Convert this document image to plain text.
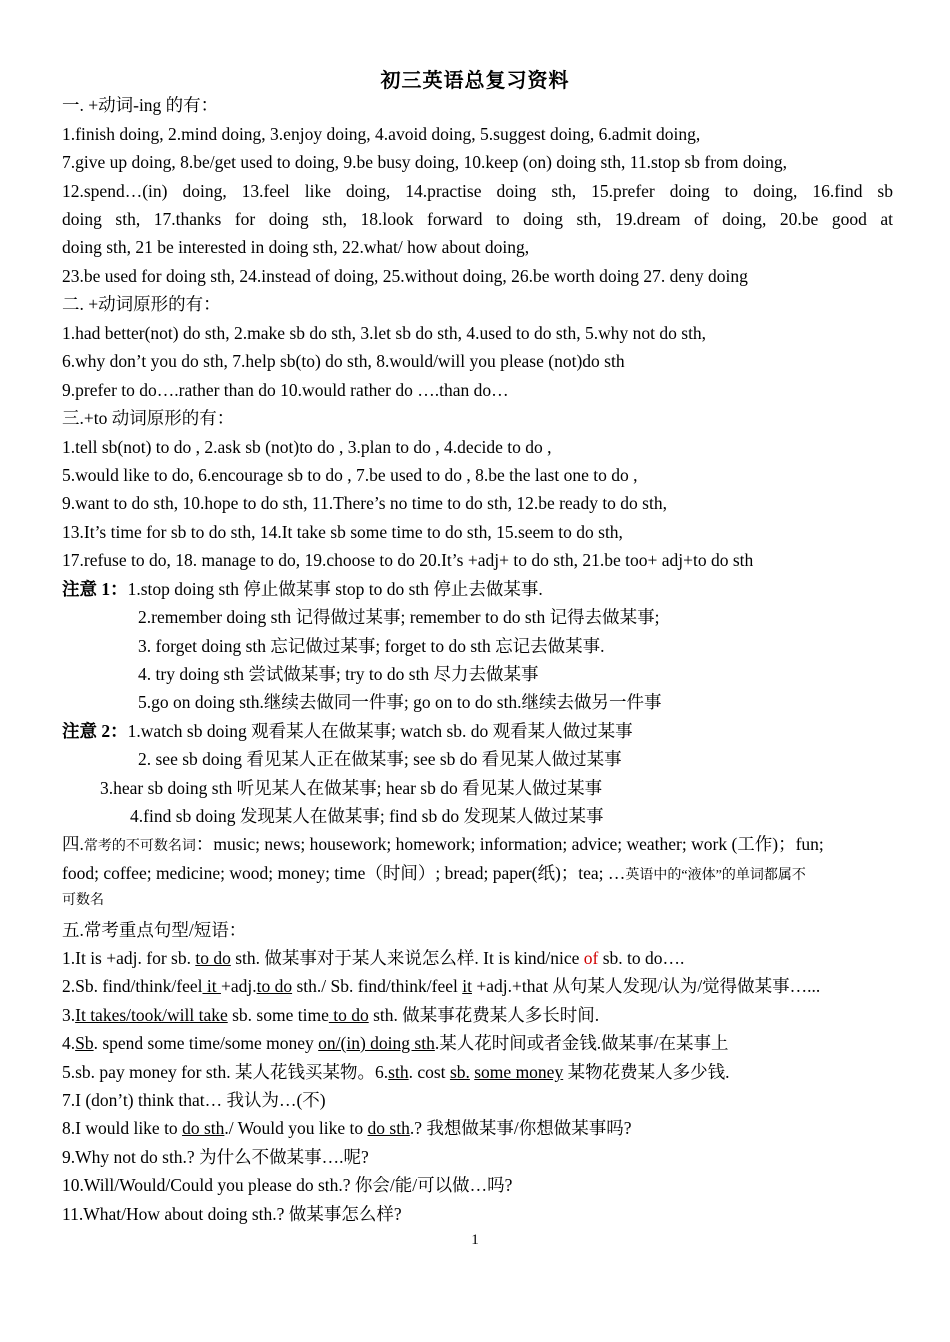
初三英语总复习资料
一. +动词-ing 的有：
1.finish doing, 2.mind doing, 3.enjoy doing, 4.avoid doing, 5.suggest doing, 6.admit doing,
7.give up doing, 8.be/get used to doing, 9.be busy doing, 10.keep (on) doing sth, 11.stop sb from doing,
12.spend…(in) doing, 13.feel like doing, 14.practise doing sth, 15.prefer doing to doing, 16.find sb
doing sth, 17.thanks for doing sth, 18.look forward to doing sth, 19.dream of doing, 20.be good at
doing sth, 21 be interested in doing sth, 22.what/ how about doing,
23.be used for doing sth, 24.instead of doing, 25.without doing, 26.be worth doing 27. deny doing
二. +动词原形的有：
1.had better(not) do sth, 2.make sb do sth, 3.let sb do sth, 4.used to do sth, 5.why not do sth,
6.why don’t you do sth, 7.help sb(to) do sth, 8.would/will you please (not)do sth
9.prefer to do….rather than do 10.would rather do ….than do…
三.+to 动词原形的有：
1.tell sb(not) to do , 2.ask sb (not)to do , 3.plan to do , 4.decide to do ,
5.would like to do, 6.encourage sb to do , 7.be used to do , 8.be the last one to do ,
9.want to do sth, 10.hope to do sth, 11.There’s no time to do sth, 12.be ready to do sth,
13.It’s time for sb to do sth, 14.It take sb some time to do sth, 15.seem to do sth,
17.refuse to do, 18. manage to do, 19.choose to do 20.It’s +adj+ to do sth, 21.be too+ adj+to do sth
注意 1：1.stop doing sth 停止做某事 stop to do sth 停止去做某事.
2.remember doing sth 记得做过某事; remember to do sth 记得去做某事;
3. forget doing sth 忘记做过某事; forget to do sth 忘记去做某事.
4. try doing sth 尝试做某事; try to do sth 尽力去做某事
5.go on doing sth.继续去做同一件事; go on to do sth.继续去做另一件事
注意 2：1.watch sb doing 观看某人在做某事; watch sb. do 观看某人做过某事
2. see sb doing 看见某人正在做某事; see sb do 看见某人做过某事
3.hear sb doing sth 听见某人在做某事; hear sb do 看见某人做过某事
4.find sb doing 发现某人在做某事; find sb do 发现某人做过某事
四.常考的不可数名词：music; news; housework; homework; information; advice; weather; work (工作)；fun;
food; coffee; medicine; wood; money; time（时间）; bread; paper(纸)；tea; …英语中的“液体”的单词都属不
可数名
五.常考重点句型/短语：
1.It is +adj. for sb. to do sth. 做某事对于某人来说怎么样. It is kind/nice of sb. to do….
2.Sb. find/think/feel it +adj.to do sth./ Sb. find/think/feel it +adj.+that 从句某人发现/认为/觉得做某事…...
3.It takes/took/will take sb. some time to do sth. 做某事花费某人多长时间.
4.Sb. spend some time/some money on/(in) doing sth.某人花时间或者金钱.做某事/在某事上
5.sb. pay money for sth. 某人花钱买某物。6.sth. cost sb. some money 某物花费某人多少钱.
7.I (don’t) think that… 我认为…(不)
8.I would like to do sth./ Would you like to do sth.? 我想做某事/你想做某事吗?
9.Why not do sth.? 为什么不做某事….呢?
10.Will/Would/Could you please do sth.? 你会/能/可以做…吗?
11.What/How about doing sth.? 做某事怎么样?
1
